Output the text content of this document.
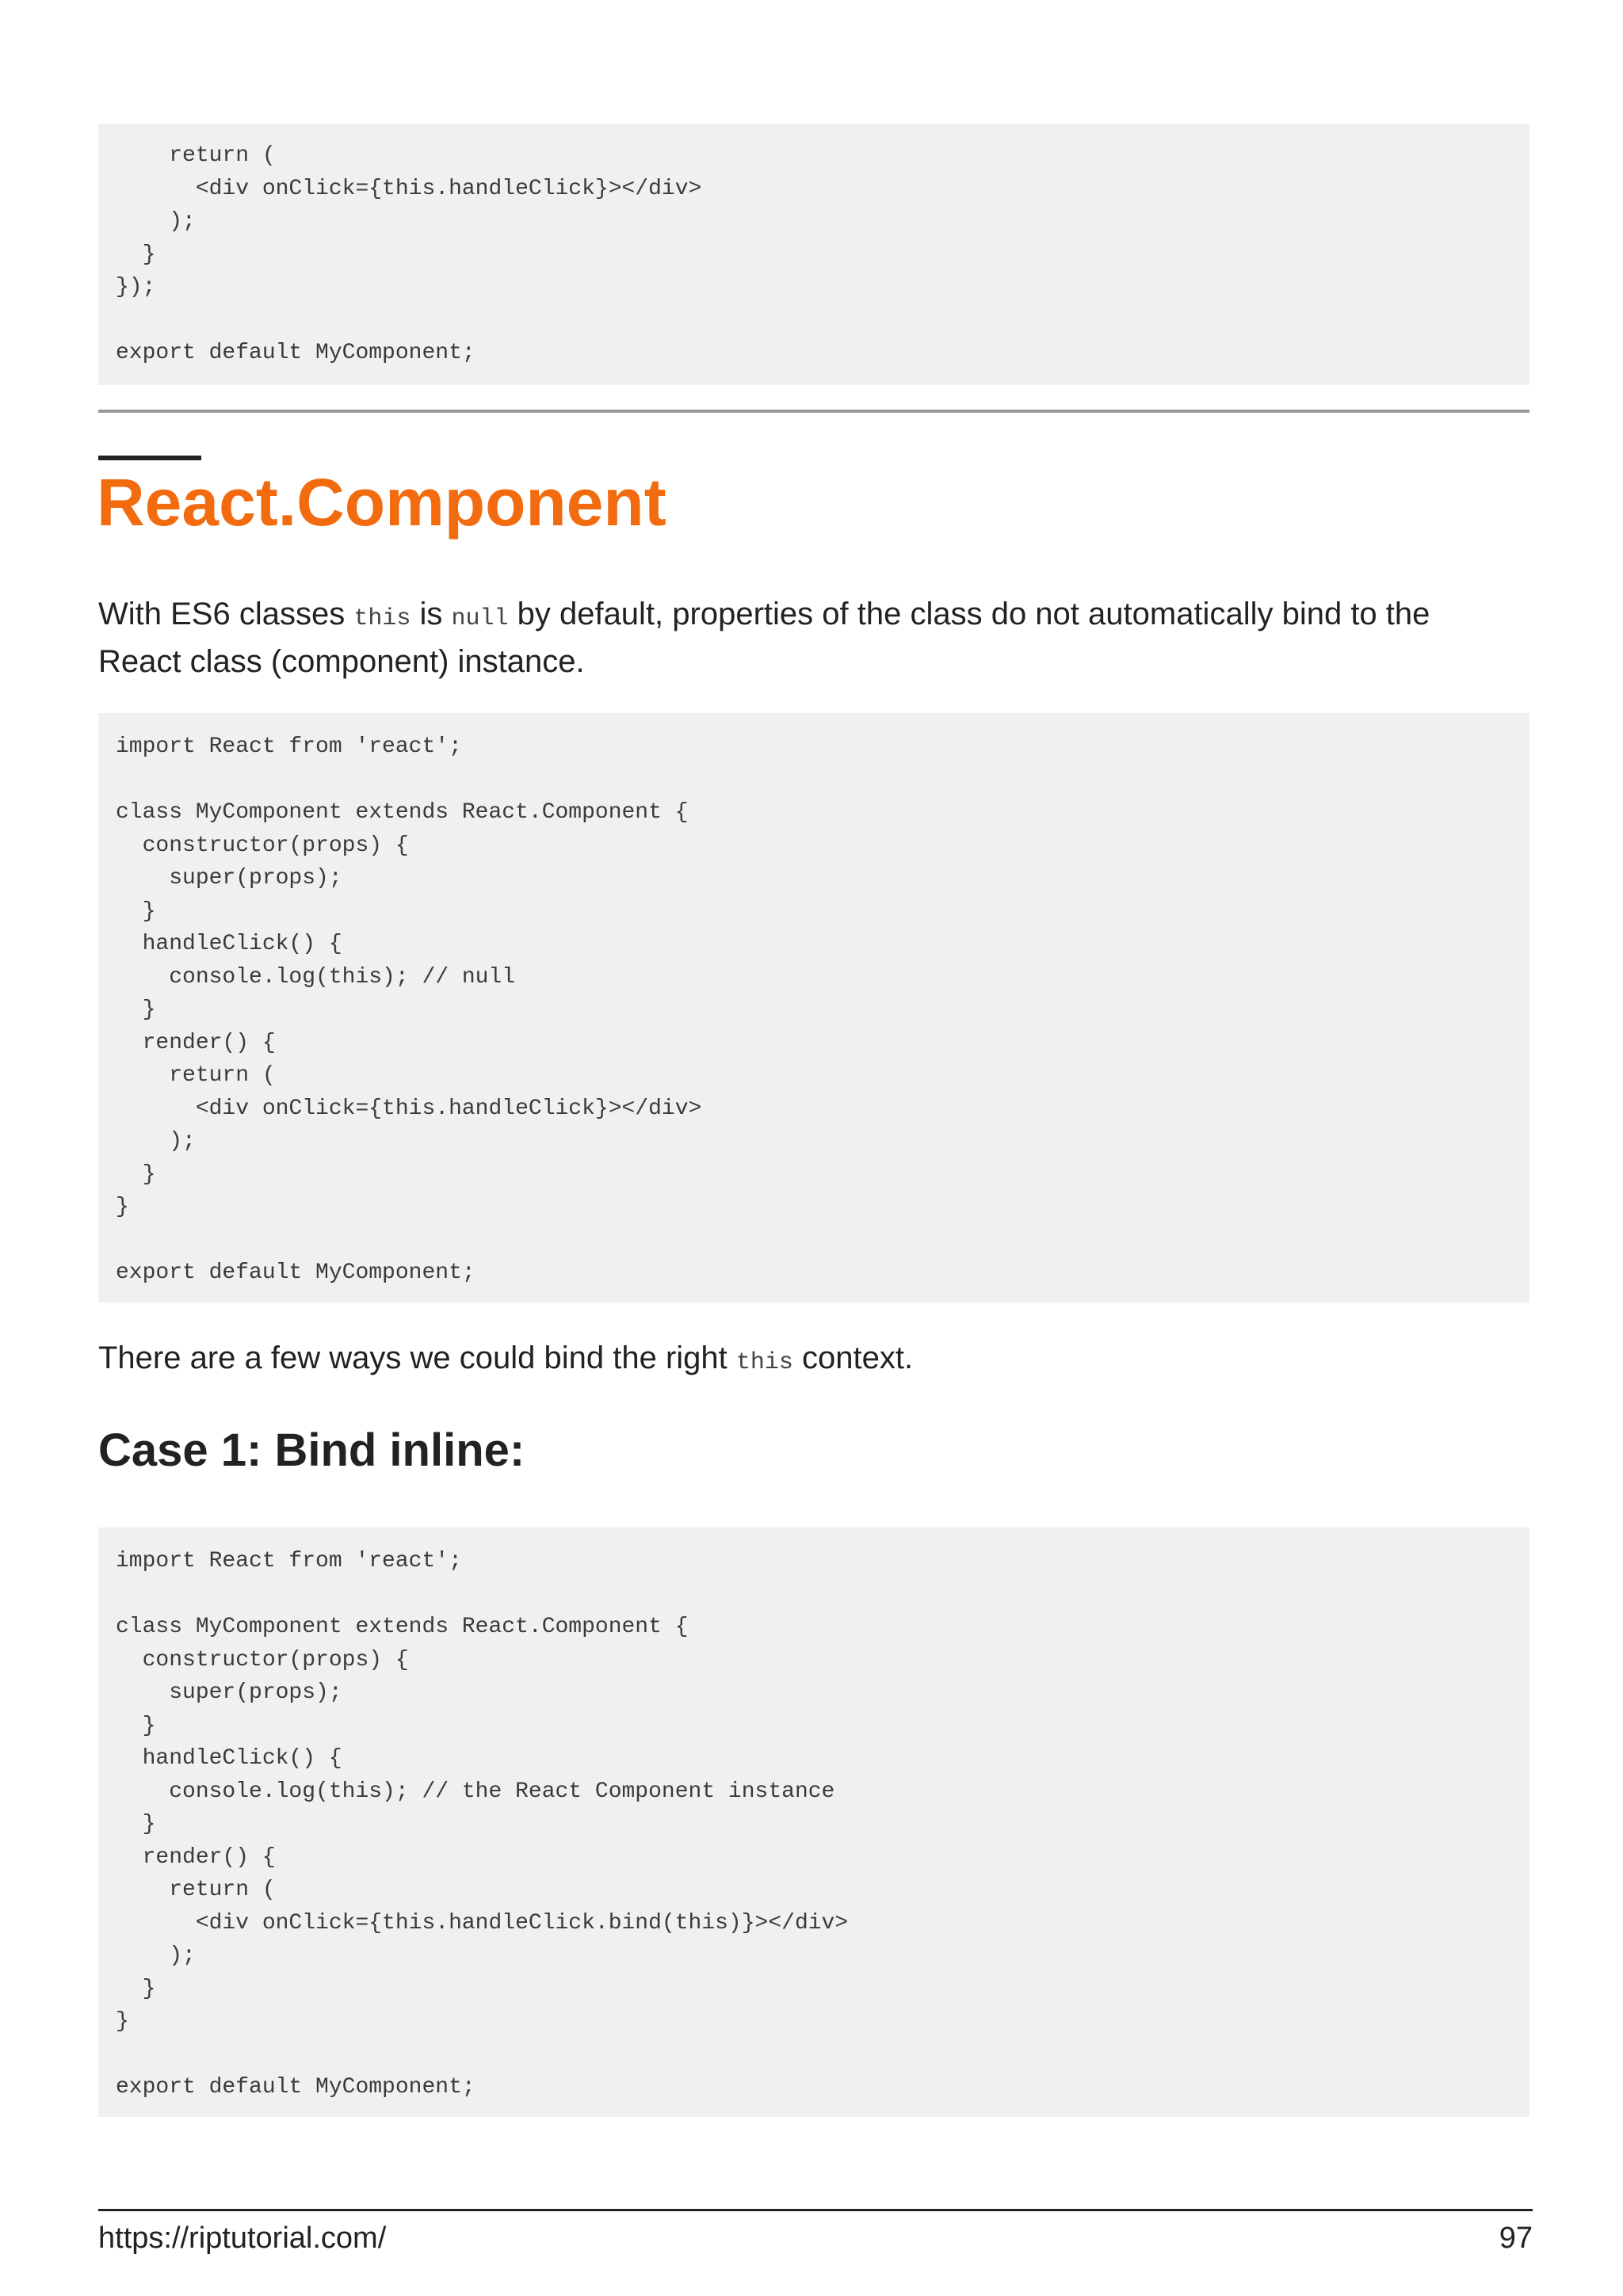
return (
<div onClick={this.handleClick}></div>
);
}
});

export default MyComponent;
React.Component

With ES6 classes this is null by default, properties of the class do not automatically bind to the
React class (component) instance.

import React from 'react';

class MyComponent extends React.Component {
constructor(props) {
super(props);
}
handleClick() {
console.log(this); // null
}
render() {
return (
<div onClick={this.handleClick}></div>
);
}
}

export default MyComponent;

There are a few ways we could bind the right this context.

Case 1: Bind inline:
import React from 'react';

class MyComponent extends React.Component {
constructor(props) {
super(props);
}
handleClick() {
console.log(this); // the React Component instance
}
render() {
return (
<div onClick={this.handleClick.bind(this)}></div>
);
}
}

export default MyComponent;
https://riptutorial.com/	97
